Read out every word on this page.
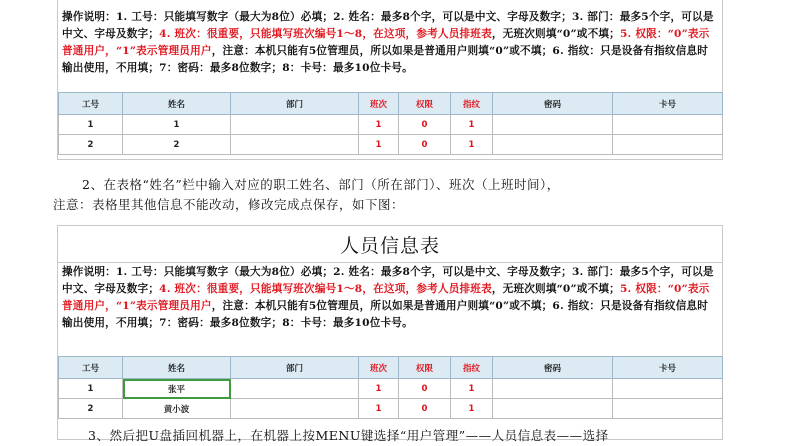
操作说明：1. 工号：只能填写数字（最大为8位）必填；2. 姓名：最多8个字，可以是中文、字母及数字；3. 部门：最多5个字，可以是中文、字母及数字；4. 班次：很重要，只能填写班次编号1～8，在这项，参考人员排班表，无班次则填“0”或不填；5. 权限：“0”表示普通用户，“1”表示管理员用户，注意：本机只能有5位管理员，所以如果是普通用户则填“0”或不填；6. 指纹：只是设备有指纹信息时输出使用，不用填；7：密码：最多8位数字；8：卡号：最多10位卡号。
工号	姓名	部门	班次	权限	指纹	密码	卡号
1	1		1	0	1		
2	2		1	0	1		
2、在表格“姓名”栏中输入对应的职工姓名、部门（所在部门）、班次（上班时间），
注意：表格里其他信息不能改动，修改完成点保存，如下图：
人员信息表
操作说明：1. 工号：只能填写数字（最大为8位）必填；2. 姓名：最多8个字，可以是中文、字母及数字；3. 部门：最多5个字，可以是中文、字母及数字；4. 班次：很重要，只能填写班次编号1～8，在这项，参考人员排班表，无班次则填“0”或不填；5. 权限：“0”表示普通用户，“1”表示管理员用户，注意：本机只能有5位管理员，所以如果是普通用户则填“0”或不填；6. 指纹：只是设备有指纹信息时输出使用，不用填；7：密码：最多8位数字；8：卡号：最多10位卡号。
工号	姓名	部门	班次	权限	指纹	密码	卡号
1	张平		1	0	1		
2	黄小波		1	0	1		
3、然后把U盘插回机器上，在机器上按MENU键选择“用户管理”——人员信息表——选择
